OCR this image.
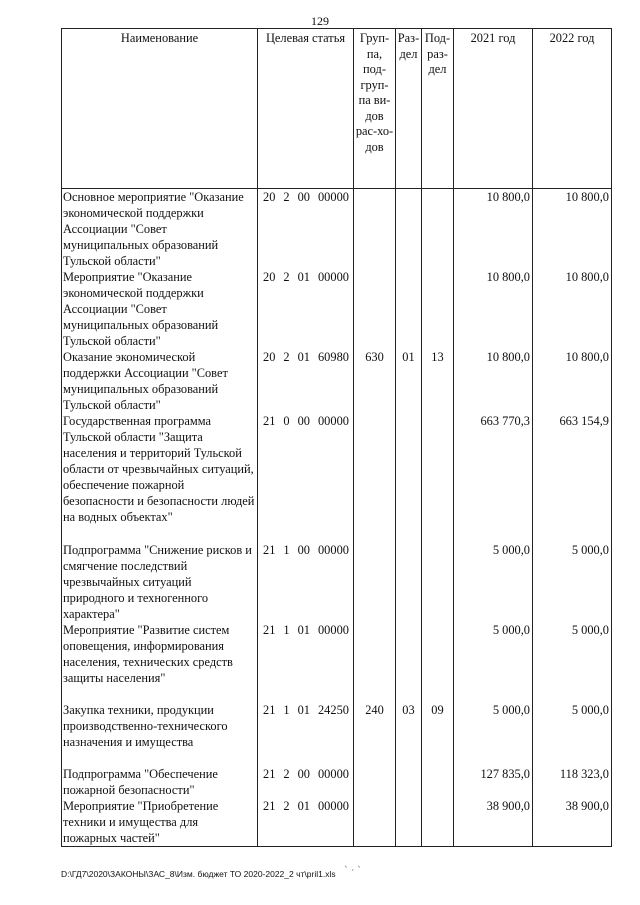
129
Наименование	Целевая статья	Груп-па, под-груп-па ви-дов рас-хо-дов	Раз-дел	Под-раз-дел	2021 год	2022 год
Основное мероприятие "Оказание экономической поддержки Ассоциации "Совет муниципальных образований Тульской области"	20 2 00 00000				10 800,0	10 800,0
Мероприятие "Оказание экономической поддержки Ассоциации "Совет муниципальных образований Тульской области"	20 2 01 00000				10 800,0	10 800,0
Оказание экономической поддержки Ассоциации "Совет муниципальных образований Тульской области"	20 2 01 60980	630	01	13	10 800,0	10 800,0
Государственная программа Тульской области "Защита населения и территорий Тульской области от чрезвычайных ситуаций, обеспечение пожарной безопасности и безопасности людей на водных объектах"	21 0 00 00000				663 770,3	663 154,9
Подпрограмма "Снижение рисков и смягчение последствий чрезвычайных ситуаций природного и техногенного характера"	21 1 00 00000				5 000,0	5 000,0
Мероприятие "Развитие систем оповещения, информирования населения, технических средств защиты населения"	21 1 01 00000				5 000,0	5 000,0
Закупка техники, продукции производственно-технического назначения и имущества	21 1 01 24250	240	03	09	5 000,0	5 000,0
Подпрограмма "Обеспечение пожарной безопасности"	21 2 00 00000				127 835,0	118 323,0
Мероприятие "Приобретение техники и имущества для пожарных частей"	21 2 01 00000				38 900,0	38 900,0
D:\ГД7\2020\ЗАКОНЫ\ЗАС_8\Изм. бюджет ТО 2020-2022_2 чт\pril1.xls ` · ˋ
